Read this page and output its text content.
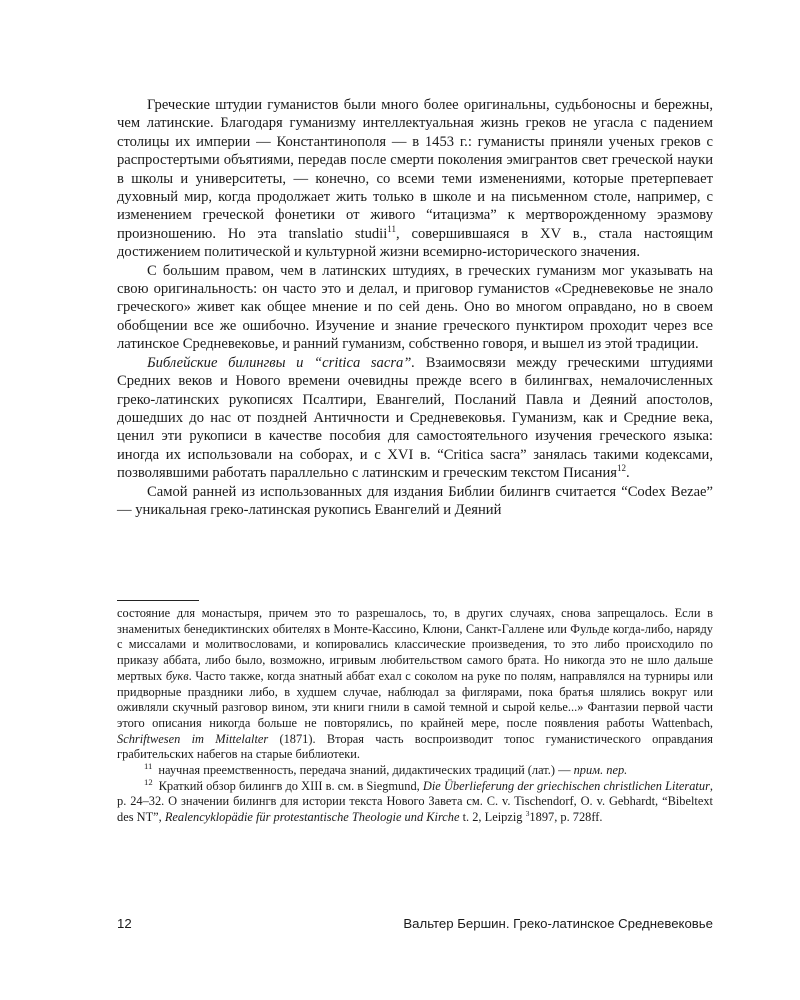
Греческие штудии гуманистов были много более оригинальны, судьбоносны и бережны, чем латинские. Благодаря гуманизму интеллектуальная жизнь греков не угасла с падением столицы их империи — Константинополя — в 1453 г.: гуманисты приняли ученых греков с распростертыми объятиями, передав после смерти поколения эмигрантов свет греческой науки в школы и университеты, — конечно, со всеми теми изменениями, которые претерпевает духовный мир, когда продолжает жить только в школе и на письменном столе, например, с изменением греческой фонетики от живого “итацизма” к мертворожденному эразмову произношению. Но эта translatio studii$^{11}$, совершившаяся в XV в., стала настоящим достижением политической и культурной жизни всемирно-исторического значения.

С большим правом, чем в латинских штудиях, в греческих гуманизм мог указывать на свою оригинальность: он часто это и делал, и приговор гуманистов «Средневековье не знало греческого» живет как общее мнение и по сей день. Оно во многом оправдано, но в своем обобщении все же ошибочно. Изучение и знание греческого пунктиром проходит через все латинское Средневековье, и ранний гуманизм, собственно говоря, и вышел из этой традиции.

Библейские билингвы и “critica sacra”. Взаимосвязи между греческими штудиями Средних веков и Нового времени очевидны прежде всего в билингвах, немалочисленных греко-латинских рукописях Псалтири, Евангелий, Посланий Павла и Деяний апостолов, дошедших до нас от поздней Античности и Средневековья. Гуманизм, как и Средние века, ценил эти рукописи в качестве пособия для самостоятельного изучения греческого языка: иногда их использовали на соборах, и с XVI в. “Critica sacra” занялась такими кодексами, позволявшими работать параллельно с латинским и греческим текстом Писания$^{12}$.

Самой ранней из использованных для издания Библии билингв считается “Codex Bezae” — уникальная греко-латинская рукопись Евангелий и Деяний

состояние для монастыря, причем это то разрешалось, то, в других случаях, снова запрещалось. Если в знаменитых бенедиктинских обителях в Монте-Кассино, Клюни, Санкт-Галлене или Фульде когда-либо, наряду с миссалами и молитвословами, и копировались классические произведения, то это либо происходило по приказу аббата, либо было, возможно, игривым любительством самого брата. Но никогда это не шло дальше мертвых букв. Часто также, когда знатный аббат ехал с соколом на руке по полям, направлялся на турниры или придворные праздники либо, в худшем случае, наблюдал за фиглярами, пока братья шлялись вокруг или оживляли скучный разговор вином, эти книги гнили в самой темной и сырой келье...» Фантазии первой части этого описания никогда больше не повторялись, по крайней мере, после появления работы Wattenbach, Schriftwesen im Mittelalter (1871). Вторая часть воспроизводит топос гуманистического оправдания грабительских набегов на старые библиотеки.

$^{11}$ научная преемственность, передача знаний, дидактических традиций (лат.) — прим. пер.

$^{12}$ Краткий обзор билингв до XIII в. см. в Siegmund, Die Überlieferung der griechischen christlichen Literatur, p. 24–32. О значении билингв для истории текста Нового Завета см. C. v. Tischendorf, O. v. Gebhardt, “Bibeltext des NT”, Realencyklopädie für protestantische Theologie und Kirche t. 2, Leipzig $^3$1897, p. 728ff.

12	Вальтер Бершин. Греко-латинское Средневековье
